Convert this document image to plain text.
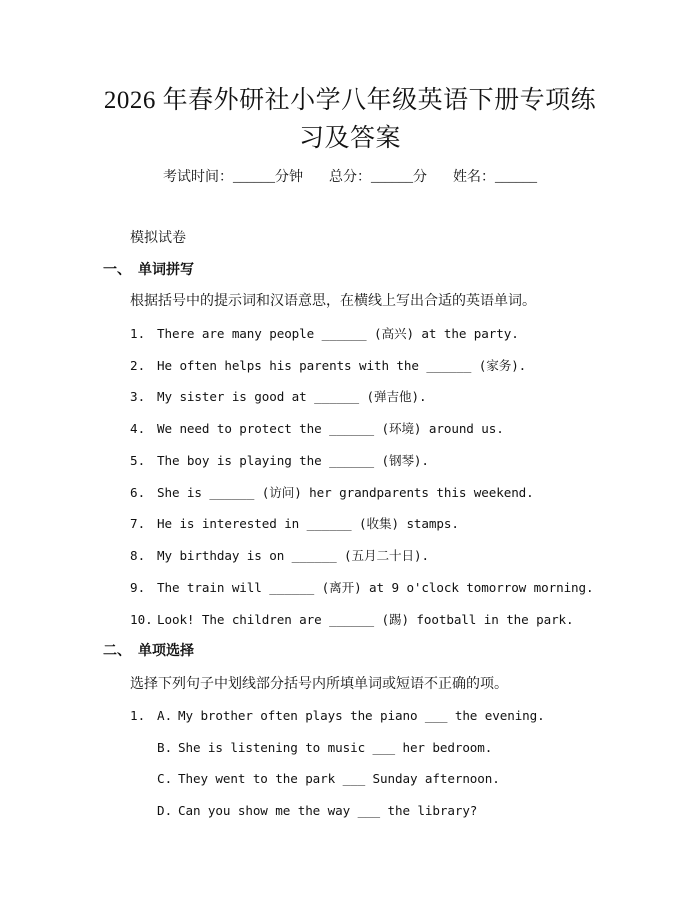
2026 年春外研社小学八年级英语下册专项练
习及答案
考试时间：______分钟 总分：______分 姓名：______
模拟试卷
一、 单词拼写
根据括号中的提示词和汉语意思，在横线上写出合适的英语单词。
1. There are many people ______ (高兴) at the party.
2. He often helps his parents with the ______ (家务).
3. My sister is good at ______ (弹吉他).
4. We need to protect the ______ (环境) around us.
5. The boy is playing the ______ (钢琴).
6. She is ______ (访问) her grandparents this weekend.
7. He is interested in ______ (收集) stamps.
8. My birthday is on ______ (五月二十日).
9. The train will ______ (离开) at 9 o'clock tomorrow morning.
10. Look! The children are ______ (踢) football in the park.
二、 单项选择
选择下列句子中划线部分括号内所填单词或短语不正确的项。
1. A. My brother often plays the piano ___ the evening.
B. She is listening to music ___ her bedroom.
C. They went to the park ___ Sunday afternoon.
D. Can you show me the way ___ the library?
